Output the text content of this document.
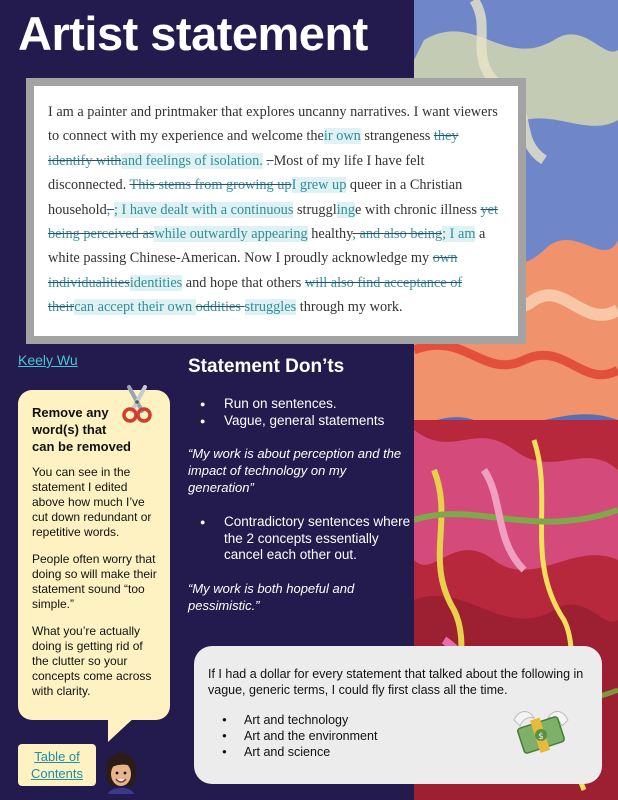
Artist statement
I am a painter and printmaker that explores uncanny narratives. I want viewers to connect with my experience and welcome their own strangeness they identify withand feelings of isolation. . Most of my life I have felt disconnected. This stems from growing upI grew up queer in a Christian household, ; I have dealt with a continuous strugglinge with chronic illness yet being perceived aswhile outwardly appearing healthy, and also being; I am a white passing Chinese-American. Now I proudly acknowledge my own individualitiesidentities and hope that others will also find acceptance of theircan accept their own oddities struggles through my work.
Keely Wu
Remove any word(s) that can be removed

You can see in the statement I edited above how much I’ve cut down redundant or repetitive words.

People often worry that doing so will make their statement sound “too simple.”

What you’re actually doing is getting rid of the clutter so your concepts come across with clarity.

Table of Contents
Statement Don’ts
● Run on sentences.
● Vague, general statements

“My work is about perception and the impact of technology on my generation”

● Contradictory sentences where the 2 concepts essentially cancel each other out.

“My work is both hopeful and pessimistic.”

If I had a dollar for every statement that talked about the following in vague, generic terms, I could fly first class all the time.

● Art and technology
● Art and the environment
● Art and science
$
